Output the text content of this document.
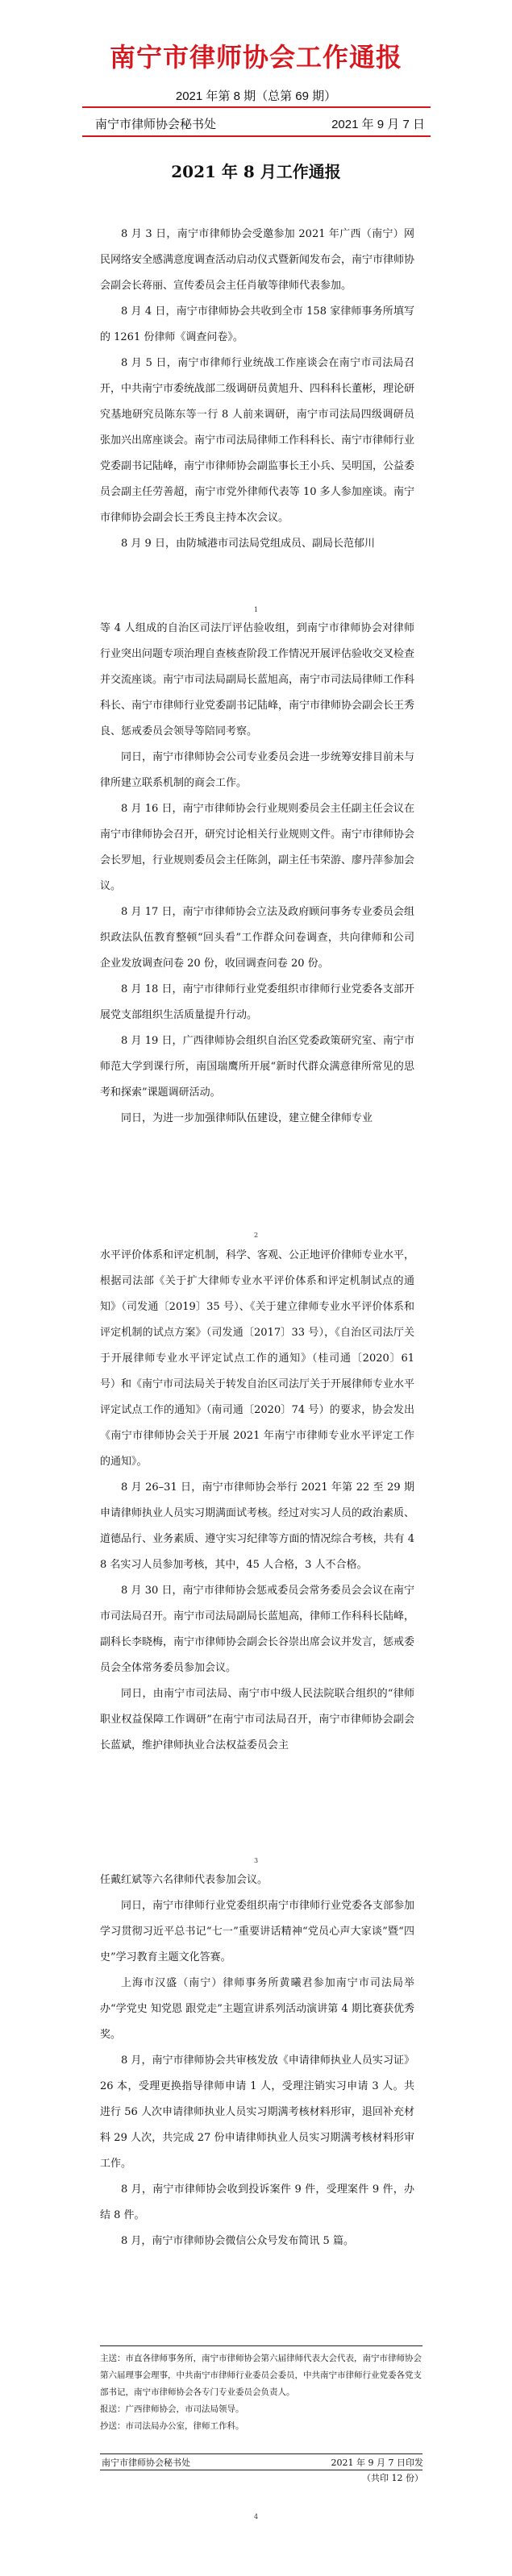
南宁市律师协会工作通报
2021 年第 8 期（总第 69 期）
南宁市律师协会秘书处	2021 年 9 月 7 日
2021 年 8 月工作通报

8 月 3 日，南宁市律师协会受邀参加 2021 年广西（南宁）网民网络安全感满意度调查活动启动仪式暨新闻发布会，南宁市律师协会副会长蒋丽、宣传委员会主任肖敏等律师代表参加。

8 月 4 日，南宁市律师协会共收到全市 158 家律师事务所填写的 1261 份律师《调查问卷》。

8 月 5 日，南宁市律师行业统战工作座谈会在南宁市司法局召开，中共南宁市委统战部二级调研员黄旭升、四科科长董彬，理论研究基地研究员陈东等一行 8 人前来调研，南宁市司法局四级调研员张加兴出席座谈会。南宁市司法局律师工作科科长、南宁市律师行业党委副书记陆峰，南宁市律师协会副监事长王小兵、吴明国，公益委员会副主任劳善超，南宁市党外律师代表等 10 多人参加座谈。南宁市律师协会副会长王秀良主持本次会议。

8 月 9 日，由防城港市司法局党组成员、副局长范郁川

1

等 4 人组成的自治区司法厅评估验收组，到南宁市律师协会对律师行业突出问题专项治理自查核查阶段工作情况开展评估验收交叉检查并交流座谈。南宁市司法局副局长蓝旭高，南宁市司法局律师工作科科长、南宁市律师行业党委副书记陆峰，南宁市律师协会副会长王秀良、惩戒委员会领导等陪同考察。

同日，南宁市律师协会公司专业委员会进一步统筹安排目前未与律所建立联系机制的商会工作。

8 月 16 日，南宁市律师协会行业规则委员会主任副主任会议在南宁市律师协会召开，研究讨论相关行业规则文件。南宁市律师协会会长罗旭，行业规则委员会主任陈剑，副主任韦荣游、廖丹萍参加会议。

8 月 17 日，南宁市律师协会立法及政府顾问事务专业委员会组织政法队伍教育整顿“回头看”工作群众问卷调查，共向律师和公司企业发放调查问卷 20 份，收回调查问卷 20 份。

8 月 18 日，南宁市律师行业党委组织市律师行业党委各支部开展党支部组织生活质量提升行动。

8 月 19 日，广西律师协会组织自治区党委政策研究室、南宁市师范大学到课行所，南国瑞鹰所开展“新时代群众满意律所常见的思考和探索”课题调研活动。

同日，为进一步加强律师队伍建设，建立健全律师专业

2

水平评价体系和评定机制，科学、客观、公正地评价律师专业水平，根据司法部《关于扩大律师专业水平评价体系和评定机制试点的通知》（司发通〔2019〕35 号）、《关于建立律师专业水平评价体系和评定机制的试点方案》（司发通〔2017〕33 号），《自治区司法厅关于开展律师专业水平评定试点工作的通知》（桂司通〔2020〕61 号）和《南宁市司法局关于转发自治区司法厅关于开展律师专业水平评定试点工作的通知》（南司通〔2020〕74 号）的要求，协会发出《南宁市律师协会关于开展 2021 年南宁市律师专业水平评定工作的通知》。

8 月 26–31 日，南宁市律师协会举行 2021 年第 22 至 29 期申请律师执业人员实习期满面试考核。经过对实习人员的政治素质、道德品行、业务素质、遵守实习纪律等方面的情况综合考核，共有 48 名实习人员参加考核，其中，45 人合格，3 人不合格。

8 月 30 日，南宁市律师协会惩戒委员会常务委员会会议在南宁市司法局召开。南宁市司法局副局长蓝旭高，律师工作科科长陆峰，副科长李晓梅，南宁市律师协会副会长谷崇出席会议并发言，惩戒委员会全体常务委员参加会议。

同日，由南宁市司法局、南宁市中级人民法院联合组织的“律师职业权益保障工作调研”在南宁市司法局召开，南宁市律师协会副会长蓝斌，维护律师执业合法权益委员会主

3

任戴红斌等六名律师代表参加会议。

同日，南宁市律师行业党委组织南宁市律师行业党委各支部参加学习贯彻习近平总书记“七一”重要讲话精神“党员心声大家谈”暨“四史”学习教育主题文化答赛。

上海市汉盛（南宁）律师事务所黄曦君参加南宁市司法局举办“学党史 知党恩 跟党走”主题宣讲系列活动演讲第 4 期比赛获优秀奖。

8 月，南宁市律师协会共审核发放《申请律师执业人员实习证》26 本，受理更换指导律师申请 1 人，受理注销实习申请 3 人。共进行 56 人次申请律师执业人员实习期满考核材料形审，退回补充材料 29 人次，共完成 27 份申请律师执业人员实习期满考核材料形审工作。

8 月，南宁市律师协会收到投诉案件 9 件，受理案件 9 件，办结 8 件。

8 月，南宁市律师协会微信公众号发布简讯 5 篇。

主送：市直各律师事务所，南宁市律师协会第六届律师代表大会代表，南宁市律师协会第六届理事会理事，中共南宁市律师行业委员会委员，中共南宁市律师行业党委各党支部书记，南宁市律师协会各专门专业委员会负责人。

报送：广西律师协会，市司法局领导。

抄送：市司法局办公室，律师工作科。

南宁市律师协会秘书处	2021 年 9 月 7 日印发
（共印 12 份）
4
